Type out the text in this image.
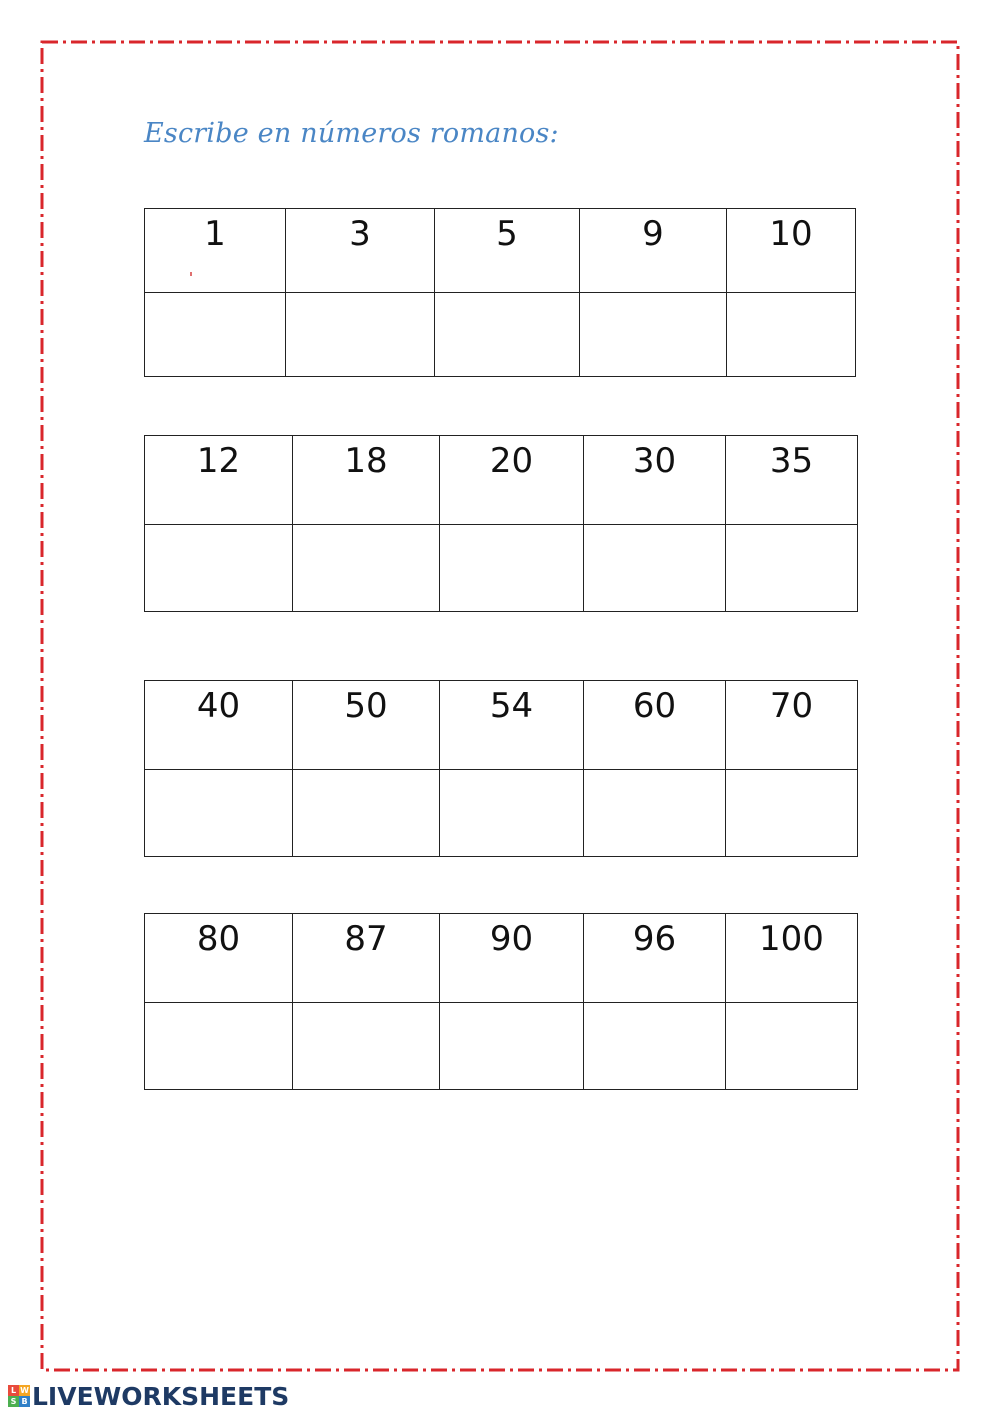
Escribe en números romanos:
1	3	5	9	10

12	18	20	30	35

40	50	54	60	70

80	87	90	96	100

L W
S B LIVEWORKSHEETS
